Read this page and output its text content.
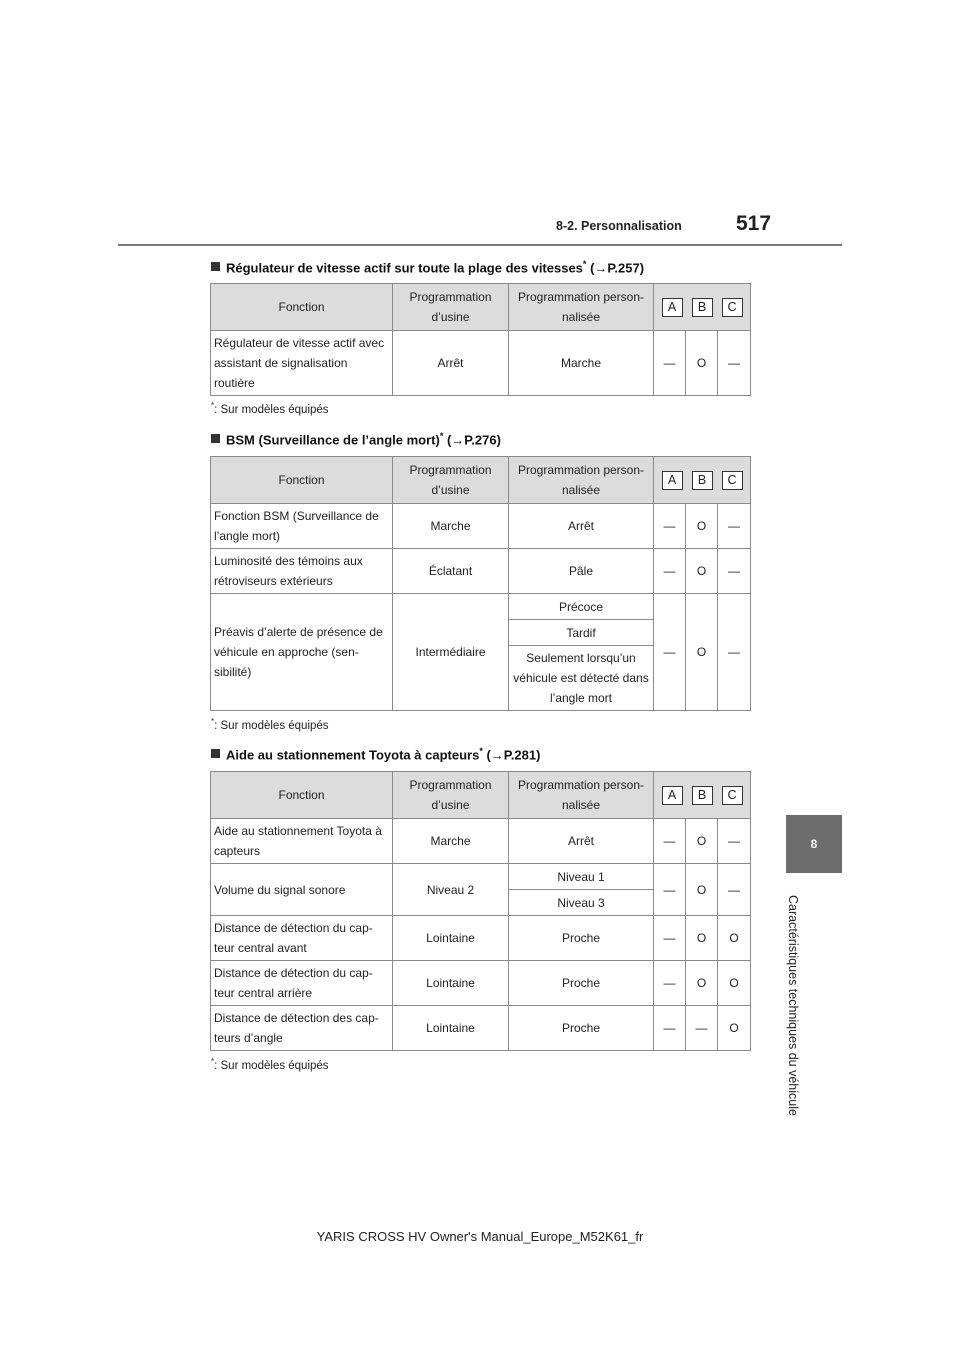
8-2. Personnalisation	517
8
Caractéristiques techniques du véhicule
Régulateur de vitesse actif sur toute la plage des vitesses* (→P.257)
Fonction	Programmation d’usine	Programmation person-nalisée	A B C		

Régulateur de vitesse actif avec assistant de signalisation routière	Arrêt	Marche	—	O	—
*: Sur modèles équipés
BSM (Surveillance de l’angle mort)* (→P.276)
Fonction	Programmation d’usine	Programmation person-nalisée	A B C		

Fonction BSM (Surveillance de l’angle mort)	Marche	Arrêt	—	O	—
Luminosité des témoins aux rétroviseurs extérieurs	Éclatant	Pâle	—	O	—
Préavis d’alerte de présence de véhicule en approche (sen-sibilité)	Intermédiaire	Précoce	—	O	—
		Tardif			
		Seulement lorsqu’un véhicule est détecté dans l’angle mort			
*: Sur modèles équipés
Aide au stationnement Toyota à capteurs* (→P.281)
Fonction	Programmation d’usine	Programmation person-nalisée	A B C		

Aide au stationnement Toyota à capteurs	Marche	Arrêt	—	O	—
Volume du signal sonore	Niveau 2	Niveau 1	—	O	—
		Niveau 3			
Distance de détection du cap-teur central avant	Lointaine	Proche	—	O	O
Distance de détection du cap-teur central arrière	Lointaine	Proche	—	O	O
Distance de détection des cap-teurs d’angle	Lointaine	Proche	—	—	O
*: Sur modèles équipés
YARIS CROSS HV Owner's Manual_Europe_M52K61_fr
